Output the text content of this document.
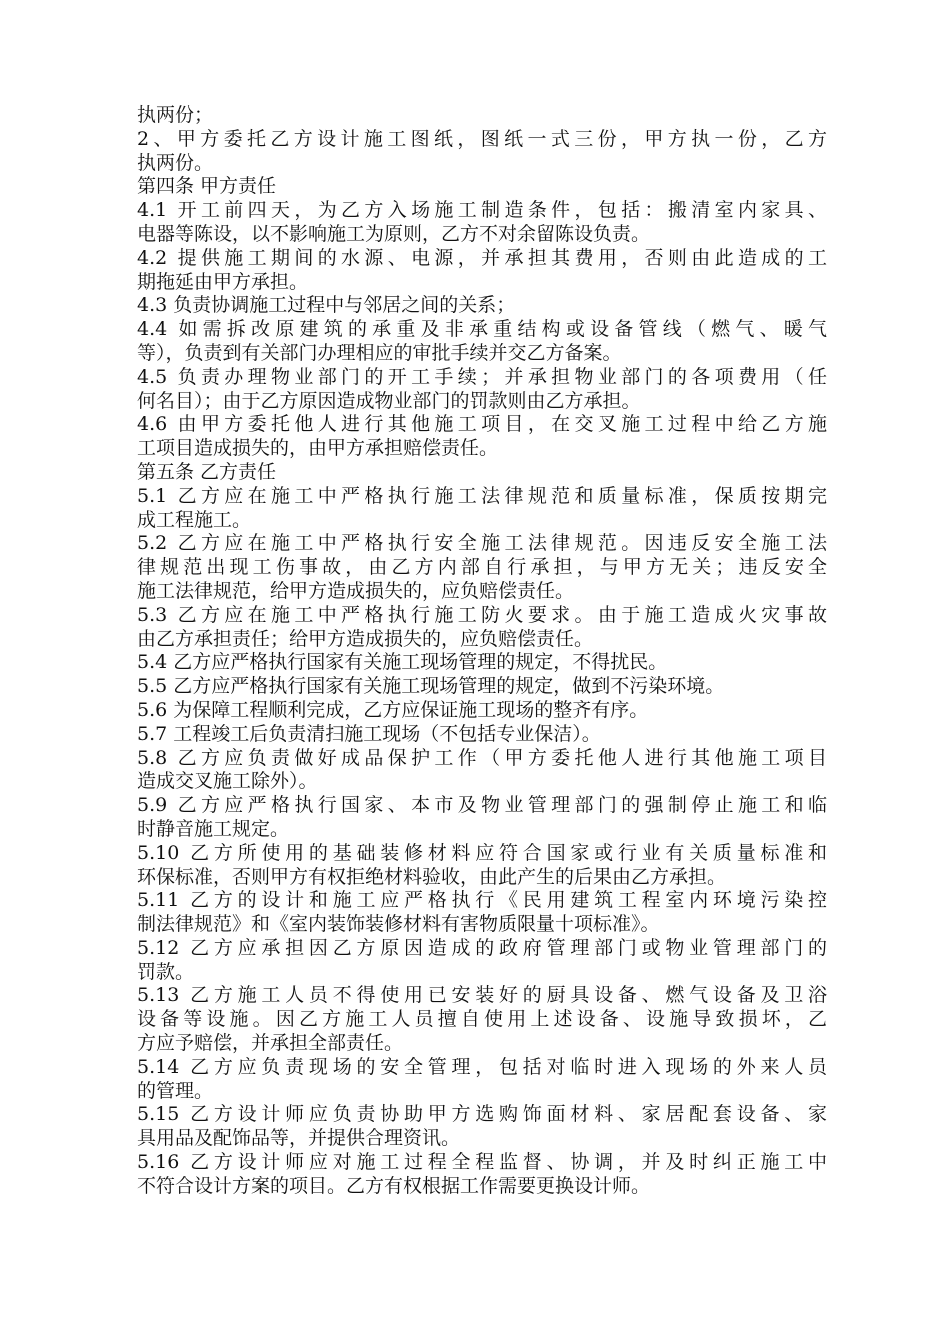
执两份；
2、甲方委托乙方设计施工图纸，图纸一式三份，甲方执一份，乙方
执两份。
第四条 甲方责任
4.1 开工前四天，为乙方入场施工制造条件，包括：搬清室内家具、
电器等陈设，以不影响施工为原则，乙方不对余留陈设负责。
4.2 提供施工期间的水源、电源，并承担其费用，否则由此造成的工
期拖延由甲方承担。
4.3 负责协调施工过程中与邻居之间的关系；
4.4 如需拆改原建筑的承重及非承重结构或设备管线（燃气、暖气
等），负责到有关部门办理相应的审批手续并交乙方备案。
4.5 负责办理物业部门的开工手续；并承担物业部门的各项费用（任
何名目）；由于乙方原因造成物业部门的罚款则由乙方承担。
4.6 由甲方委托他人进行其他施工项目，在交叉施工过程中给乙方施
工项目造成损失的，由甲方承担赔偿责任。
第五条 乙方责任
5.1 乙方应在施工中严格执行施工法律规范和质量标准，保质按期完
成工程施工。
5.2 乙方应在施工中严格执行安全施工法律规范。因违反安全施工法
律规范出现工伤事故，由乙方内部自行承担，与甲方无关；违反安全
施工法律规范，给甲方造成损失的，应负赔偿责任。
5.3 乙方应在施工中严格执行施工防火要求。由于施工造成火灾事故
由乙方承担责任；给甲方造成损失的，应负赔偿责任。
5.4 乙方应严格执行国家有关施工现场管理的规定，不得扰民。
5.5 乙方应严格执行国家有关施工现场管理的规定，做到不污染环境。
5.6 为保障工程顺利完成，乙方应保证施工现场的整齐有序。
5.7 工程竣工后负责清扫施工现场（不包括专业保洁）。
5.8 乙方应负责做好成品保护工作（甲方委托他人进行其他施工项目
造成交叉施工除外）。
5.9 乙方应严格执行国家、本市及物业管理部门的强制停止施工和临
时静音施工规定。
5.10 乙方所使用的基础装修材料应符合国家或行业有关质量标准和
环保标准，否则甲方有权拒绝材料验收，由此产生的后果由乙方承担。
5.11 乙方的设计和施工应严格执行《民用建筑工程室内环境污染控
制法律规范》和《室内装饰装修材料有害物质限量十项标准》。
5.12 乙方应承担因乙方原因造成的政府管理部门或物业管理部门的
罚款。
5.13 乙方施工人员不得使用已安装好的厨具设备、燃气设备及卫浴
设备等设施。因乙方施工人员擅自使用上述设备、设施导致损坏，乙
方应予赔偿，并承担全部责任。
5.14 乙方应负责现场的安全管理，包括对临时进入现场的外来人员
的管理。
5.15 乙方设计师应负责协助甲方选购饰面材料、家居配套设备、家
具用品及配饰品等，并提供合理资讯。
5.16 乙方设计师应对施工过程全程监督、协调，并及时纠正施工中
不符合设计方案的项目。乙方有权根据工作需要更换设计师。
